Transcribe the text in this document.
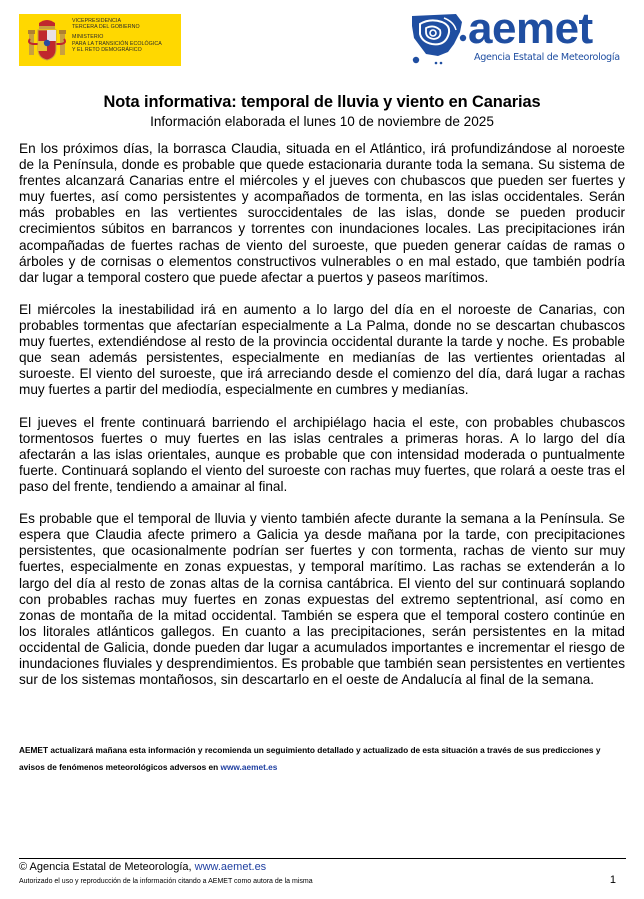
VICEPRESIDENCIA
TERCERA DEL GOBIERNO
MINISTERIO
PARA LA TRANSICIÓN ECOLÓGICA
Y EL RETO DEMOGRÁFICO	aemet
Agencia Estatal de Meteorología
Nota informativa: temporal de lluvia y viento en Canarias
Información elaborada el lunes 10 de noviembre de 2025

En los próximos días, la borrasca Claudia, situada en el Atlántico, irá profundizándose al noroeste de la Península, donde es probable que quede estacionaria durante toda la semana. Su sistema de frentes alcanzará Canarias entre el miércoles y el jueves con chubascos que pueden ser fuertes y muy fuertes, así como persistentes y acompañados de tormenta, en las islas occidentales. Serán más probables en las vertientes suroccidentales de las islas, donde se pueden producir crecimientos súbitos en barrancos y torrentes con inundaciones locales. Las precipitaciones irán acompañadas de fuertes rachas de viento del suroeste, que pueden generar caídas de ramas o árboles y de cornisas o elementos constructivos vulnerables o en mal estado, que también podría dar lugar a temporal costero que puede afectar a puertos y paseos marítimos.

El miércoles la inestabilidad irá en aumento a lo largo del día en el noroeste de Canarias, con probables tormentas que afectarían especialmente a La Palma, donde no se descartan chubascos muy fuertes, extendiéndose al resto de la provincia occidental durante la tarde y noche. Es probable que sean además persistentes, especialmente en medianías de las vertientes orientadas al suroeste. El viento del suroeste, que irá arreciando desde el comienzo del día, dará lugar a rachas muy fuertes a partir del mediodía, especialmente en cumbres y medianías.

El jueves el frente continuará barriendo el archipiélago hacia el este, con probables chubascos tormentosos fuertes o muy fuertes en las islas centrales a primeras horas. A lo largo del día afectarán a las islas orientales, aunque es probable que con intensidad moderada o puntualmente fuerte. Continuará soplando el viento del suroeste con rachas muy fuertes, que rolará a oeste tras el paso del frente, tendiendo a amainar al final.

Es probable que el temporal de lluvia y viento también afecte durante la semana a la Península. Se espera que Claudia afecte primero a Galicia ya desde mañana por la tarde, con precipitaciones persistentes, que ocasionalmente podrían ser fuertes y con tormenta, rachas de viento sur muy fuertes, especialmente en zonas expuestas, y temporal marítimo. Las rachas se extenderán a lo largo del día al resto de zonas altas de la cornisa cantábrica. El viento del sur continuará soplando con probables rachas muy fuertes en zonas expuestas del extremo septentrional, así como en zonas de montaña de la mitad occidental. También se espera que el temporal costero continúe en los litorales atlánticos gallegos. En cuanto a las precipitaciones, serán persistentes en la mitad occidental de Galicia, donde pueden dar lugar a acumulados importantes e incrementar el riesgo de inundaciones fluviales y desprendimientos. Es probable que también sean persistentes en vertientes sur de los sistemas montañosos, sin descartarlo en el oeste de Andalucía al final de la semana.

AEMET actualizará mañana esta información y recomienda un seguimiento detallado y actualizado de esta situación a través de sus predicciones y avisos de fenómenos meteorológicos adversos en www.aemet.es
© Agencia Estatal de Meteorología, www.aemet.es
Autorizado el uso y reproducción de la información citando a AEMET como autora de la misma	1
